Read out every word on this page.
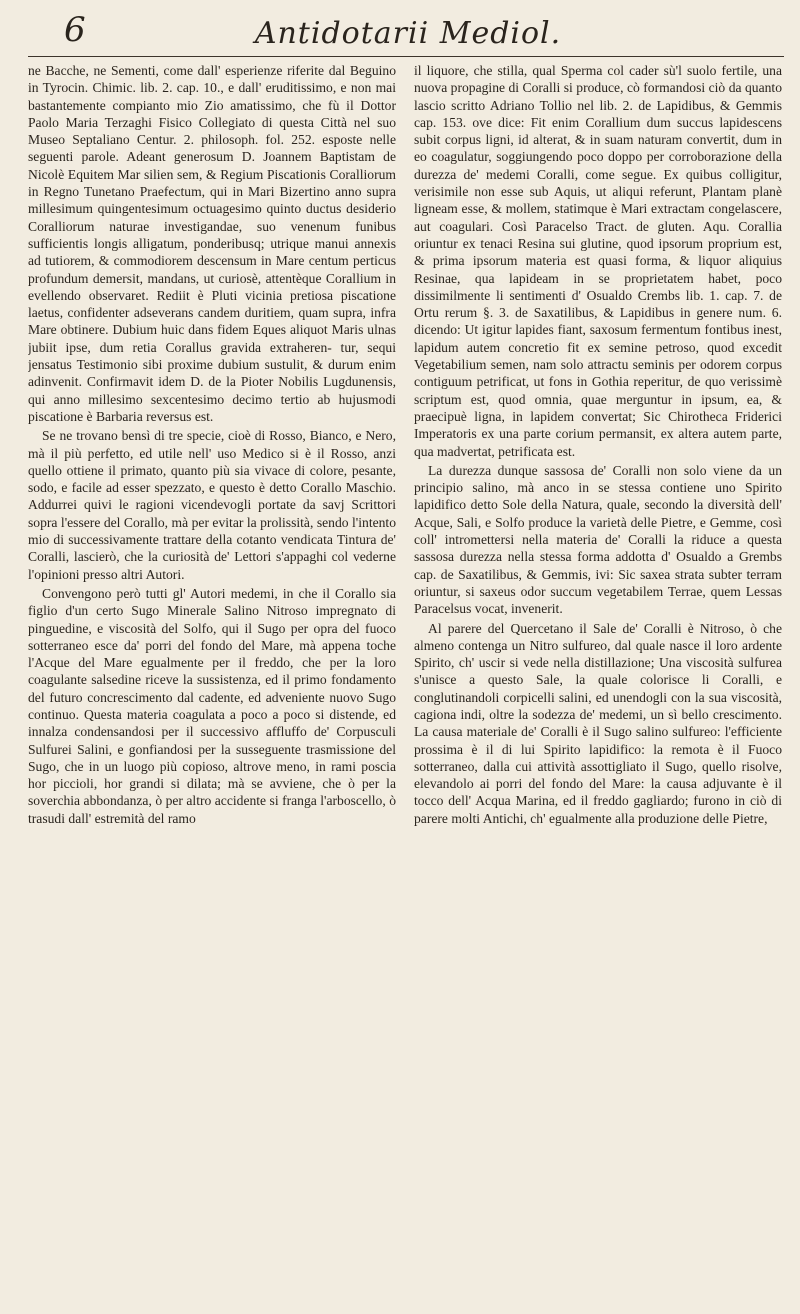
6	Antidotarii Mediol.

ne Bacche, ne Sementi, come dall' esperienze riferite dal Beguino in Tyrocin. Chimic. lib. 2. cap. 10., e dall' eruditissimo, e non mai bastantemente compianto mio Zio amatissimo, che fù il Dottor Paolo Maria Terzaghi Fisico Collegiato di questa Città nel suo Museo Septaliano Centur. 2. philosoph. fol. 252. esposte nelle seguenti parole. Adeant generosum D. Joannem Baptistam de Nicolè Equitem Mar silien sem, & Regium Piscationis Coralliorum in Regno Tunetano Praefectum, qui in Mari Bizertino anno supra millesimum quingentesimum octuagesimo quinto ductus desiderio Coralliorum naturae investigandae, suo venenum funibus sufficientis longis alligatum, ponderibusq; utrique manui annexis ad tutiorem, & commodiorem descensum in Mare centum perticus profundum demersit, mandans, ut curiosè, attentèque Corallium in evellendo observaret. Rediit è Pluti vicinia pretiosa piscatione laetus, confidenter adseverans candem duritiem, quam supra, infra Mare obtinere. Dubium huic dans fidem Eques aliquot Maris ulnas jubiit ipse, dum retia Corallus gravida extraheren- tur, sequi jensatus Testimonio sibi proxime dubium sustulit, & durum enim adinvenit. Confirmavit idem D. de la Pioter Nobilis Lugdunensis, qui anno millesimo sexcentesimo decimo tertio ab hujusmodi piscatione è Barbaria reversus est.

Se ne trovano bensì di tre specie, cioè di Rosso, Bianco, e Nero, mà il più perfetto, ed utile nell' uso Medico si è il Rosso, anzi quello ottiene il primato, quanto più sia vivace di colore, pesante, sodo, e facile ad esser spezzato, e questo è detto Corallo Maschio. Addurrei quivi le ragioni vicendevogli portate da savj Scrittori sopra l'essere del Corallo, mà per evitar la prolissità, sendo l'intento mio di successivamente trattare della cotanto vendicata Tintura de' Coralli, lascierò, che la curiosità de' Lettori s'appaghi col vederne l'opinioni presso altri Autori.

Convengono però tutti gl' Autori medemi, in che il Corallo sia figlio d'un certo Sugo Minerale Salino Nitroso impregnato di pinguedine, e viscosità del Solfo, qui il Sugo per opra del fuoco sotterraneo esce da' porri del fondo del Mare, mà appena toche l'Acque del Mare egualmente per il freddo, che per la loro coagulante salsedine riceve la sussistenza, ed il primo fondamento del futuro concrescimento dal cadente, ed adveniente nuovo Sugo continuo. Questa materia coagulata a poco a poco si distende, ed innalza condensandosi per il successivo affluffo de' Corpusculi Sulfurei Salini, e gonfiandosi per la susseguente trasmissione del Sugo, che in un luogo più copioso, altrove meno, in rami poscia hor piccioli, hor grandi si dilata; mà se avviene, che ò per la soverchia abbondanza, ò per altro accidente si franga l'arboscello, ò trasudi dall' estremità del ramo

il liquore, che stilla, qual Sperma col cader sù'l suolo fertile, una nuova propagine di Coralli si produce, cò formandosi ciò da quanto lascio scritto Adriano Tollio nel lib. 2. de Lapidibus, & Gemmis cap. 153. ove dice: Fit enim Corallium dum succus lapidescens subit corpus ligni, id alterat, & in suam naturam convertit, dum in eo coagulatur, soggiungendo poco doppo per corroborazione della durezza de' medemi Coralli, come segue. Ex quibus colligitur, verisimile non esse sub Aquis, ut aliqui referunt, Plantam planè ligneam esse, & mollem, statimque è Mari extractam congelascere, aut coagulari. Così Paracelso Tract. de gluten. Aqu. Corallia oriuntur ex tenaci Resina sui glutine, quod ipsorum proprium est, & prima ipsorum materia est quasi forma, & liquor aliquius Resinae, qua lapideam in se proprietatem habet, poco dissimilmente li sentimenti d' Osualdo Crembs lib. 1. cap. 7. de Ortu rerum §. 3. de Saxatilibus, & Lapidibus in genere num. 6. dicendo: Ut igitur lapides fiant, saxosum fermentum fontibus inest, lapidum autem concretio fit ex semine petroso, quod excedit Vegetabilium semen, nam solo attractu seminis per odorem corpus contiguum petrificat, ut fons in Gothia reperitur, de quo verissimè scriptum est, quod omnia, quae merguntur in ipsum, ea, & praecipuè ligna, in lapidem convertat; Sic Chirotheca Friderici Imperatoris ex una parte corium permansit, ex altera autem parte, qua madvertat, petrificata est.

La durezza dunque sassosa de' Coralli non solo viene da un principio salino, mà anco in se stessa contiene uno Spirito lapidifico detto Sole della Natura, quale, secondo la diversità dell' Acque, Sali, e Solfo produce la varietà delle Pietre, e Gemme, così coll' intromettersi nella materia de' Coralli la riduce a questa sassosa durezza nella stessa forma addotta d' Osualdo a Grembs cap. de Saxatilibus, & Gemmis, ivi: Sic saxea strata subter terram oriuntur, si saxeus odor succum vegetabilem Terrae, quem Lessas Paracelsus vocat, invenerit.

Al parere del Quercetano il Sale de' Coralli è Nitroso, ò che almeno contenga un Nitro sulfureo, dal quale nasce il loro ardente Spirito, ch' uscir si vede nella distillazione; Una viscosità sulfurea s'unisce a questo Sale, la quale colorisce li Coralli, e conglutinandoli corpicelli salini, ed unendogli con la sua viscosità, cagiona indi, oltre la sodezza de' medemi, un sì bello crescimento. La causa materiale de' Coralli è il Sugo salino sulfureo: l'efficiente prossima è il di lui Spirito lapidifico: la remota è il Fuoco sotterraneo, dalla cui attività assottigliato il Sugo, quello risolve, elevandolo ai porri del fondo del Mare: la causa adjuvante è il tocco dell' Acqua Marina, ed il freddo gagliardo; furono in ciò di parere molti Antichi, ch' egualmente alla produzione delle Pietre,
